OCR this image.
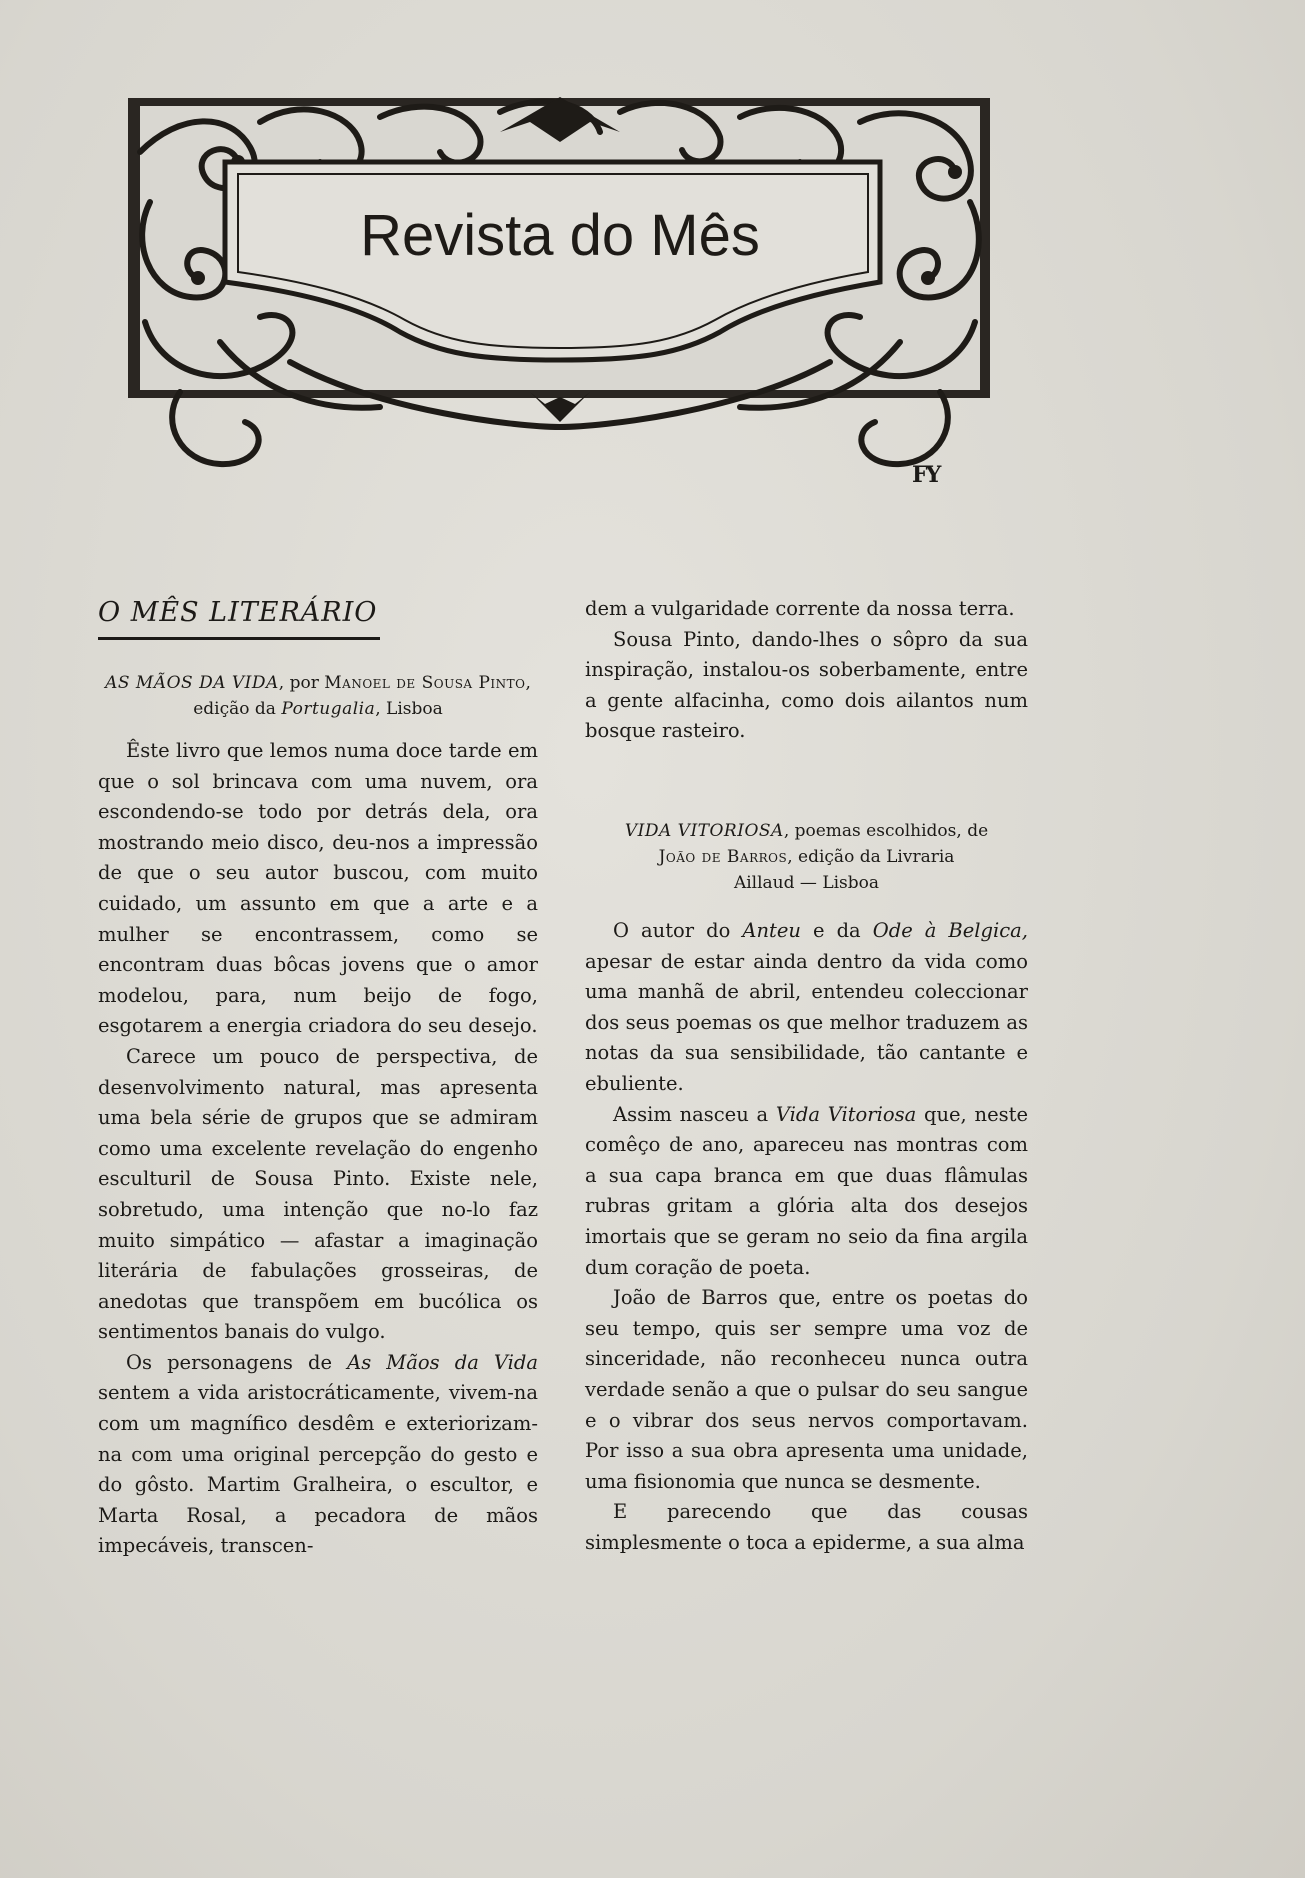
Revista do Mês
FY
O MÊS LITERÁRIO
AS MÃOS DA VIDA, por Manoel de Sousa Pinto, edição da Portugalia, Lisboa

Êste livro que lemos numa doce tarde em que o sol brincava com uma nuvem, ora escondendo-se todo por detrás dela, ora mostrando meio disco, deu-nos a impressão de que o seu autor buscou, com muito cuidado, um assunto em que a arte e a mulher se encontrassem, como se encontram duas bôcas jovens que o amor modelou, para, num beijo de fogo, esgotarem a energia criadora do seu desejo.

Carece um pouco de perspectiva, de desenvolvimento natural, mas apresenta uma bela série de grupos que se admiram como uma excelente revelação do engenho esculturil de Sousa Pinto. Existe nele, sobretudo, uma intenção que no-lo faz muito simpático — afastar a imaginação literária de fabulações grosseiras, de anedotas que transpõem em bucólica os sentimentos banais do vulgo.

Os personagens de As Mãos da Vida sentem a vida aristocráticamente, vivem-na com um magnífico desdêm e exteriorizam-na com uma original percepção do gesto e do gôsto. Martim Gralheira, o escultor, e Marta Rosal, a pecadora de mãos impecáveis, transcen-

dem a vulgaridade corrente da nossa terra.

Sousa Pinto, dando-lhes o sôpro da sua inspiração, instalou-os soberbamente, entre a gente alfacinha, como dois ailantos num bosque rasteiro.

VIDA VITORIOSA, poemas escolhidos, de
João de Barros, edição da Livraria
Aillaud — Lisboa

O autor do Anteu e da Ode à Belgica, apesar de estar ainda dentro da vida como uma manhã de abril, entendeu coleccionar dos seus poemas os que melhor traduzem as notas da sua sensibilidade, tão cantante e ebuliente.

Assim nasceu a Vida Vitoriosa que, neste comêço de ano, apareceu nas montras com a sua capa branca em que duas flâmulas rubras gritam a glória alta dos desejos imortais que se geram no seio da fina argila dum coração de poeta.

João de Barros que, entre os poetas do seu tempo, quis ser sempre uma voz de sinceridade, não reconheceu nunca outra verdade senão a que o pulsar do seu sangue e o vibrar dos seus nervos comportavam. Por isso a sua obra apresenta uma unidade, uma fisionomia que nunca se desmente.

E parecendo que das cousas simplesmente o toca a epiderme, a sua alma
